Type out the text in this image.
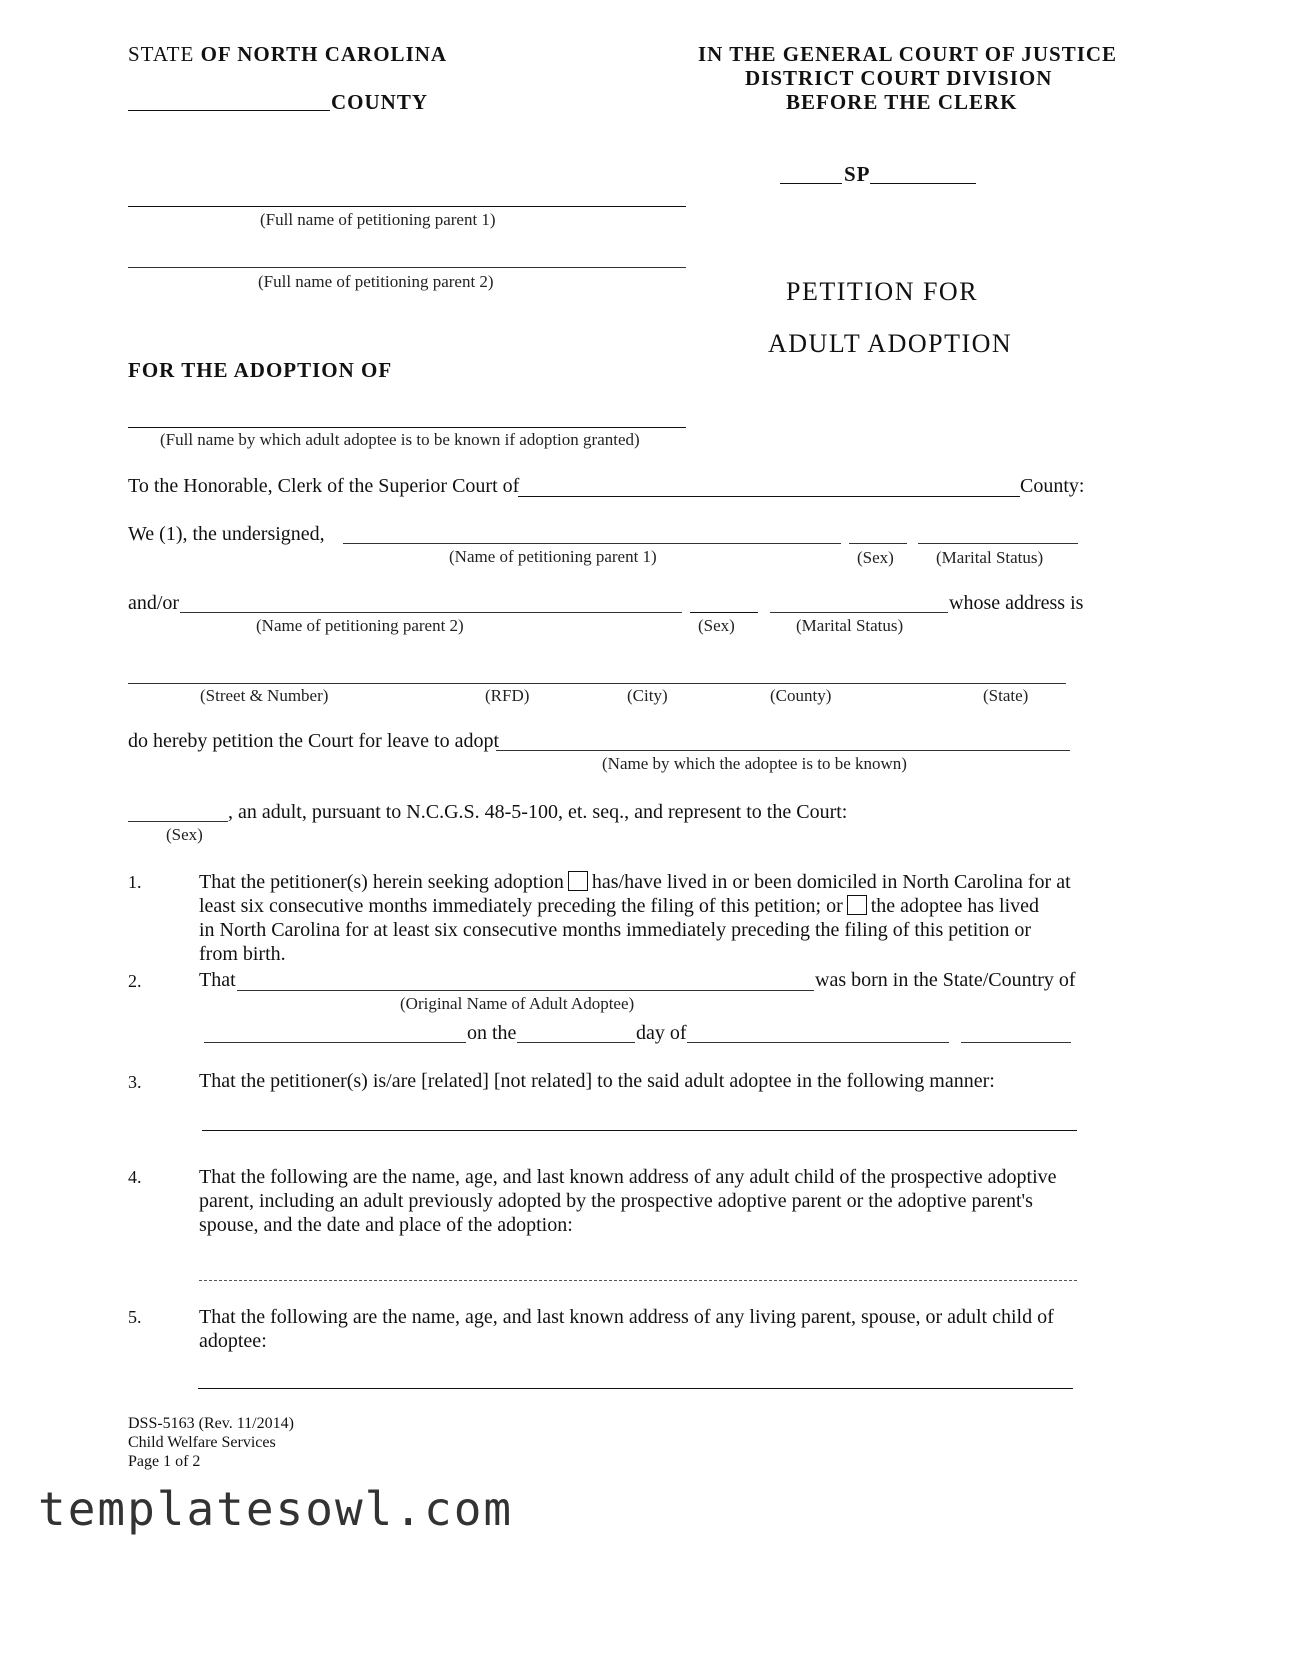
STATE OF NORTH CAROLINA
COUNTY
IN THE GENERAL COURT OF JUSTICE
DISTRICT COURT DIVISION
BEFORE THE CLERK
SP
(Full name of petitioning parent 1)
(Full name of petitioning parent 2)	PETITION FOR
ADULT ADOPTION
FOR THE ADOPTION OF
(Full name by which adult adoptee is to be known if adoption granted)
To the Honorable, Clerk of the Superior Court of	County:
We (1), the undersigned,
(Name of petitioning parent 1)	(Sex) (Marital Status)
and/or	whose address is
(Name of petitioning parent 2)	(Sex)	(Marital Status)
(Street & Number)	(RFD)	(City)	(County)	(State)
do hereby petition the Court for leave to adopt
(Name by which the adoptee is to be known)
, an adult, pursuant to N.C.G.S. 48-5-100, et. seq., and represent to the Court:
(Sex)
1.	That the petitioner(s) herein seeking adoption has/have lived in or been domiciled in North Carolina for at
least six consecutive months immediately preceding the filing of this petition; or the adoptee has lived
in North Carolina for at least six consecutive months immediately preceding the filing of this petition or
from birth.
2.	That	was born in the State/Country of
(Original Name of Adult Adoptee)
on the	day of
3.	That the petitioner(s) is/are [related] [not related] to the said adult adoptee in the following manner:
4.	That the following are the name, age, and last known address of any adult child of the prospective adoptive parent, including an adult previously adopted by the prospective adoptive parent or the adoptive parent's spouse, and the date and place of the adoption:
5.	That the following are the name, age, and last known address of any living parent, spouse, or adult child of adoptee:
DSS-5163 (Rev. 11/2014)
Child Welfare Services
Page 1 of 2
templatesowl.com
